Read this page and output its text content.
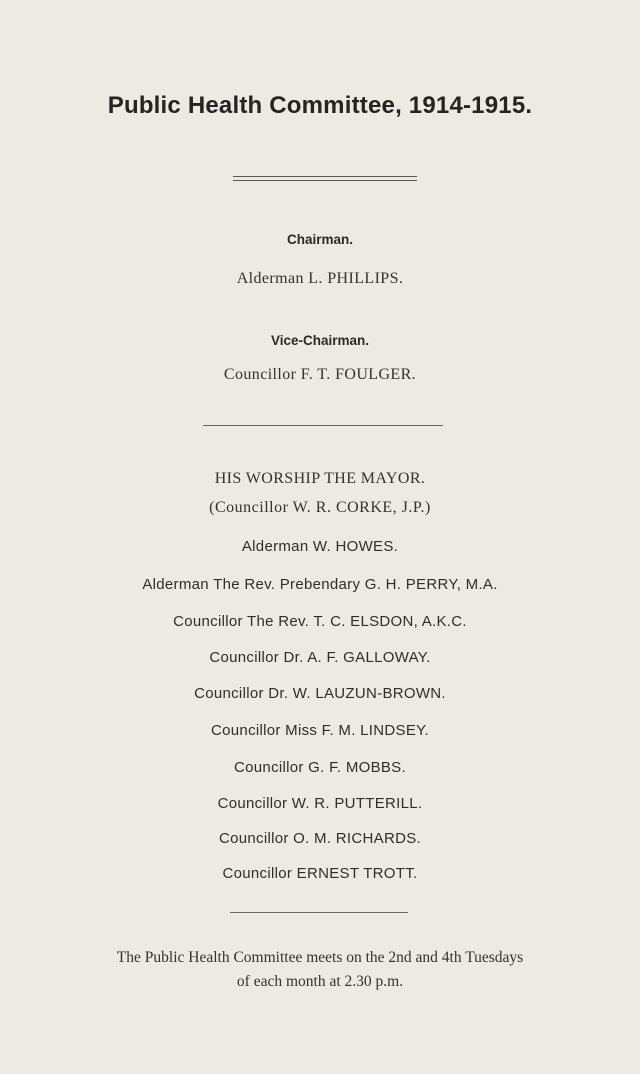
Public Health Committee, 1914-1915.
Chairman.
Alderman L. PHILLIPS.
Vice-Chairman.
Councillor F. T. FOULGER.
HIS WORSHIP THE MAYOR.
(Councillor W. R. CORKE, J.P.)
Alderman W. HOWES.
Alderman The Rev. Prebendary G. H. PERRY, M.A.
Councillor The Rev. T. C. ELSDON, A.K.C.
Councillor Dr. A. F. GALLOWAY.
Councillor Dr. W. LAUZUN-BROWN.
Councillor Miss F. M. LINDSEY.
Councillor G. F. MOBBS.
Councillor W. R. PUTTERILL.
Councillor O. M. RICHARDS.
Councillor ERNEST TROTT.
The Public Health Committee meets on the 2nd and 4th Tuesdays
of each month at 2.30 p.m.
